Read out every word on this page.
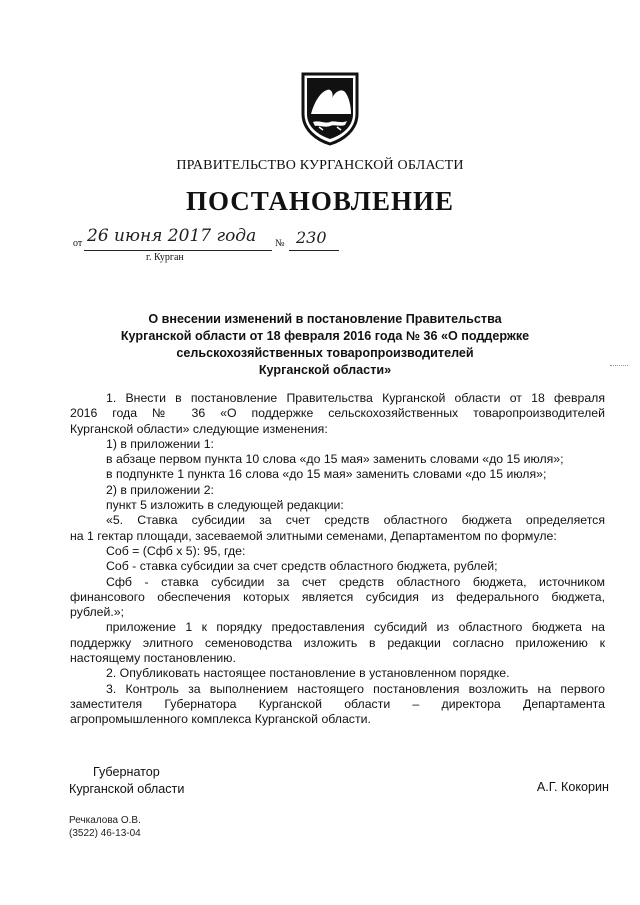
ПРАВИТЕЛЬСТВО КУРГАНСКОЙ ОБЛАСТИ
ПОСТАНОВЛЕНИЕ
от 26 июня 2017 года № 230
г. Курган
О внесении изменений в постановление Правительства
Курганской области от 18 февраля 2016 года № 36 «О поддержке
сельскохозяйственных товаропроизводителей
Курганской области»
1. Внести в постановление Правительства Курганской области от 18 февраля
2016 года № 36 «О поддержке сельскохозяйственных товаропроизводителей
Курганской области» следующие изменения:
1) в приложении 1:
в абзаце первом пункта 10 слова «до 15 мая» заменить словами «до 15 июля»;
в подпункте 1 пункта 16 слова «до 15 мая» заменить словами «до 15 июля»;
2) в приложении 2:
пункт 5 изложить в следующей редакции:
«5. Ставка субсидии за счет средств областного бюджета определяется
на 1 гектар площади, засеваемой элитными семенами, Департаментом по формуле:
Соб = (Сфб х 5): 95, где:
Соб - ставка субсидии за счет средств областного бюджета, рублей;
Сфб - ставка субсидии за счет средств областного бюджета, источником
финансового обеспечения которых является субсидия из федерального бюджета,
рублей.»;
приложение 1 к порядку предоставления субсидий из областного бюджета на
поддержку элитного семеноводства изложить в редакции согласно приложению к
настоящему постановлению.
2. Опубликовать настоящее постановление в установленном порядке.
3. Контроль за выполнением настоящего постановления возложить на первого
заместителя Губернатора Курганской области – директора Департамента
агропромышленного комплекса Курганской области.
Губернатор
Курганской области	А.Г. Кокорин
Речкалова О.В.
(3522) 46-13-04
